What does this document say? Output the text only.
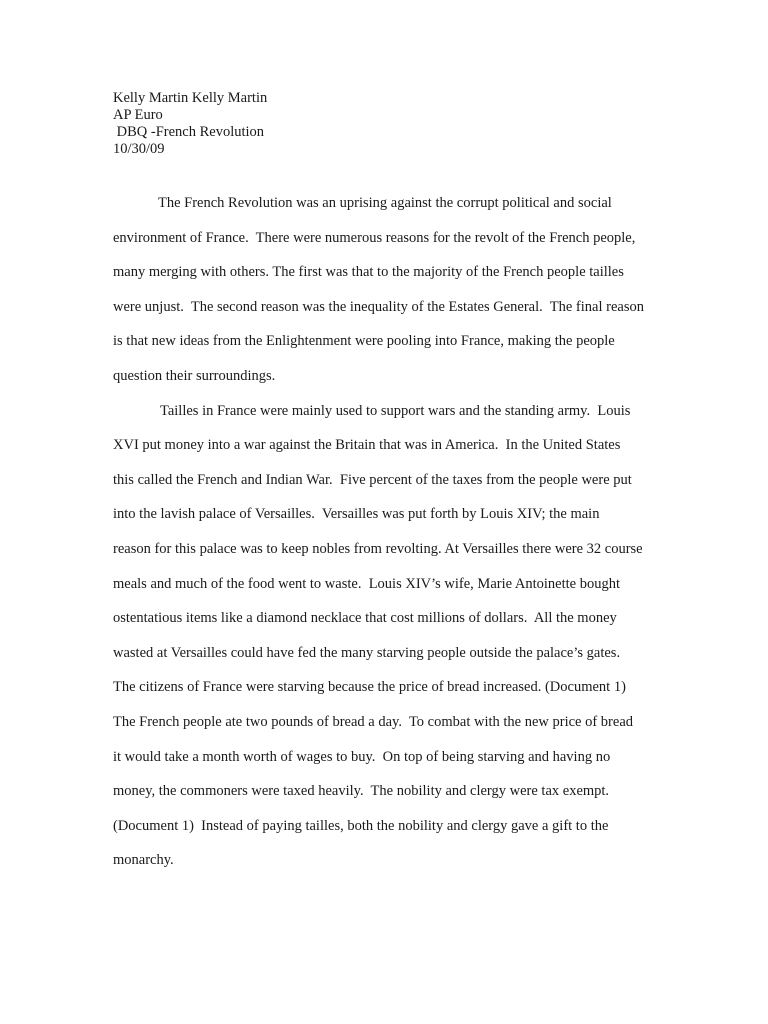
Kelly Martin Kelly Martin
AP Euro
DBQ -French Revolution
10/30/09
The French Revolution was an uprising against the corrupt political and social
environment of France.  There were numerous reasons for the revolt of the French people,
many merging with others. The first was that to the majority of the French people tailles
were unjust.  The second reason was the inequality of the Estates General.  The final reason
is that new ideas from the Enlightenment were pooling into France, making the people
question their surroundings.
Tailles in France were mainly used to support wars and the standing army.  Louis
XVI put money into a war against the Britain that was in America.  In the United States
this called the French and Indian War.  Five percent of the taxes from the people were put
into the lavish palace of Versailles.  Versailles was put forth by Louis XIV; the main
reason for this palace was to keep nobles from revolting. At Versailles there were 32 course
meals and much of the food went to waste.  Louis XIV’s wife, Marie Antoinette bought
ostentatious items like a diamond necklace that cost millions of dollars.  All the money
wasted at Versailles could have fed the many starving people outside the palace’s gates.
The citizens of France were starving because the price of bread increased. (Document 1)
The French people ate two pounds of bread a day.  To combat with the new price of bread
it would take a month worth of wages to buy.  On top of being starving and having no
money, the commoners were taxed heavily.  The nobility and clergy were tax exempt.
(Document 1)  Instead of paying tailles, both the nobility and clergy gave a gift to the
monarchy.
